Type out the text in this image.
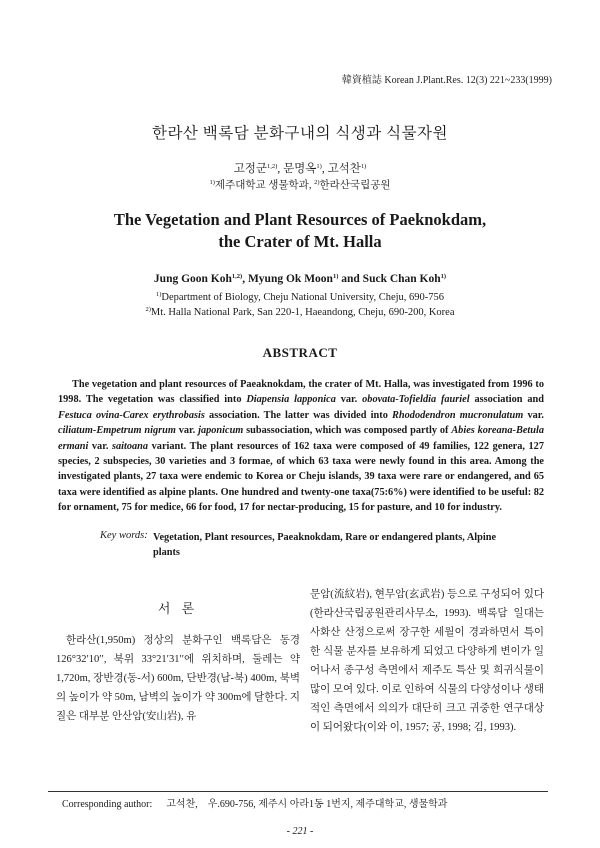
韓資植誌 Korean J.Plant.Res. 12(3) 221~233(1999)
한라산 백록담 분화구내의 식생과 식물자원
고정군$^{1,2)}$, 문명옥$^{1)}$, 고석찬$^{1)}$
$^{1)}$제주대학교 생물학과, $^{2)}$한라산국립공원
The Vegetation and Plant Resources of Paeknokdam,
the Crater of Mt. Halla
Jung Goon Koh$^{1,2)}$, Myung Ok Moon$^{1)}$ and Suck Chan Koh$^{1)}$
$^{1)}$Department of Biology, Cheju National University, Cheju, 690-756
$^{2)}$Mt. Halla National Park, San 220-1, Haeandong, Cheju, 690-200, Korea
ABSTRACT

The vegetation and plant resources of Paeaknokdam, the crater of Mt. Halla, was investigated from 1996 to 1998. The vegetation was classified into Diapensia lapponica var. obovata-Tofieldia fauriel association and Festuca ovina-Carex erythrobasis association. The latter was divided into Rhododendron mucronulatum var. ciliatum-Empetrum nigrum var. japonicum subassociation, which was composed partly of Abies koreana-Betula ermani var. saitoana variant. The plant resources of 162 taxa were composed of 49 families, 122 genera, 127 species, 2 subspecies, 30 varieties and 3 formae, of which 63 taxa were newly found in this area. Among the investigated plants, 27 taxa were endemic to Korea or Cheju islands, 39 taxa were rare or endangered, and 65 taxa were identified as alpine plants. One hundred and twenty-one taxa(75:6%) were identified to be useful: 82 for ornament, 75 for medice, 66 for food, 17 for nectar-producing, 15 for pasture, and 10 for industry.

Key words: Vegetation, Plant resources, Paeaknokdam, Rare or endangered plants, Alpine plants

서 론

한라산(1,950m) 정상의 분화구인 백록담은 동경 126°32′10′′, 북위 33°21′31′′에 위치하며, 둘레는 약 1,720m, 장반경(동-서) 600m, 단반경(남-북) 400m, 북벽의 높이가 약 50m, 남벽의 높이가 약 300m에 달한다. 지질은 대부분 안산암(安山岩), 유

문암(流紋岩), 현무암(玄武岩) 등으로 구성되어 있다(한라산국립공원관리사무소, 1993). 백록담 일대는 사화산 산정으로써 장구한 세월이 경과하면서 특이한 식물 분자를 보유하게 되었고 다양하게 변이가 일어나서 종구성 측면에서 제주도 특산 및 희귀식물이 많이 모여 있다. 이로 인하여 식물의 다양성이나 생태적인 측면에서 의의가 대단히 크고 귀중한 연구대상이 되어왔다(이와 이, 1957; 공, 1998; 김, 1993).

Corresponding author: 고석찬, 우.690-756, 제주시 아라1동 1번지, 제주대학교, 생물학과
- 221 -
